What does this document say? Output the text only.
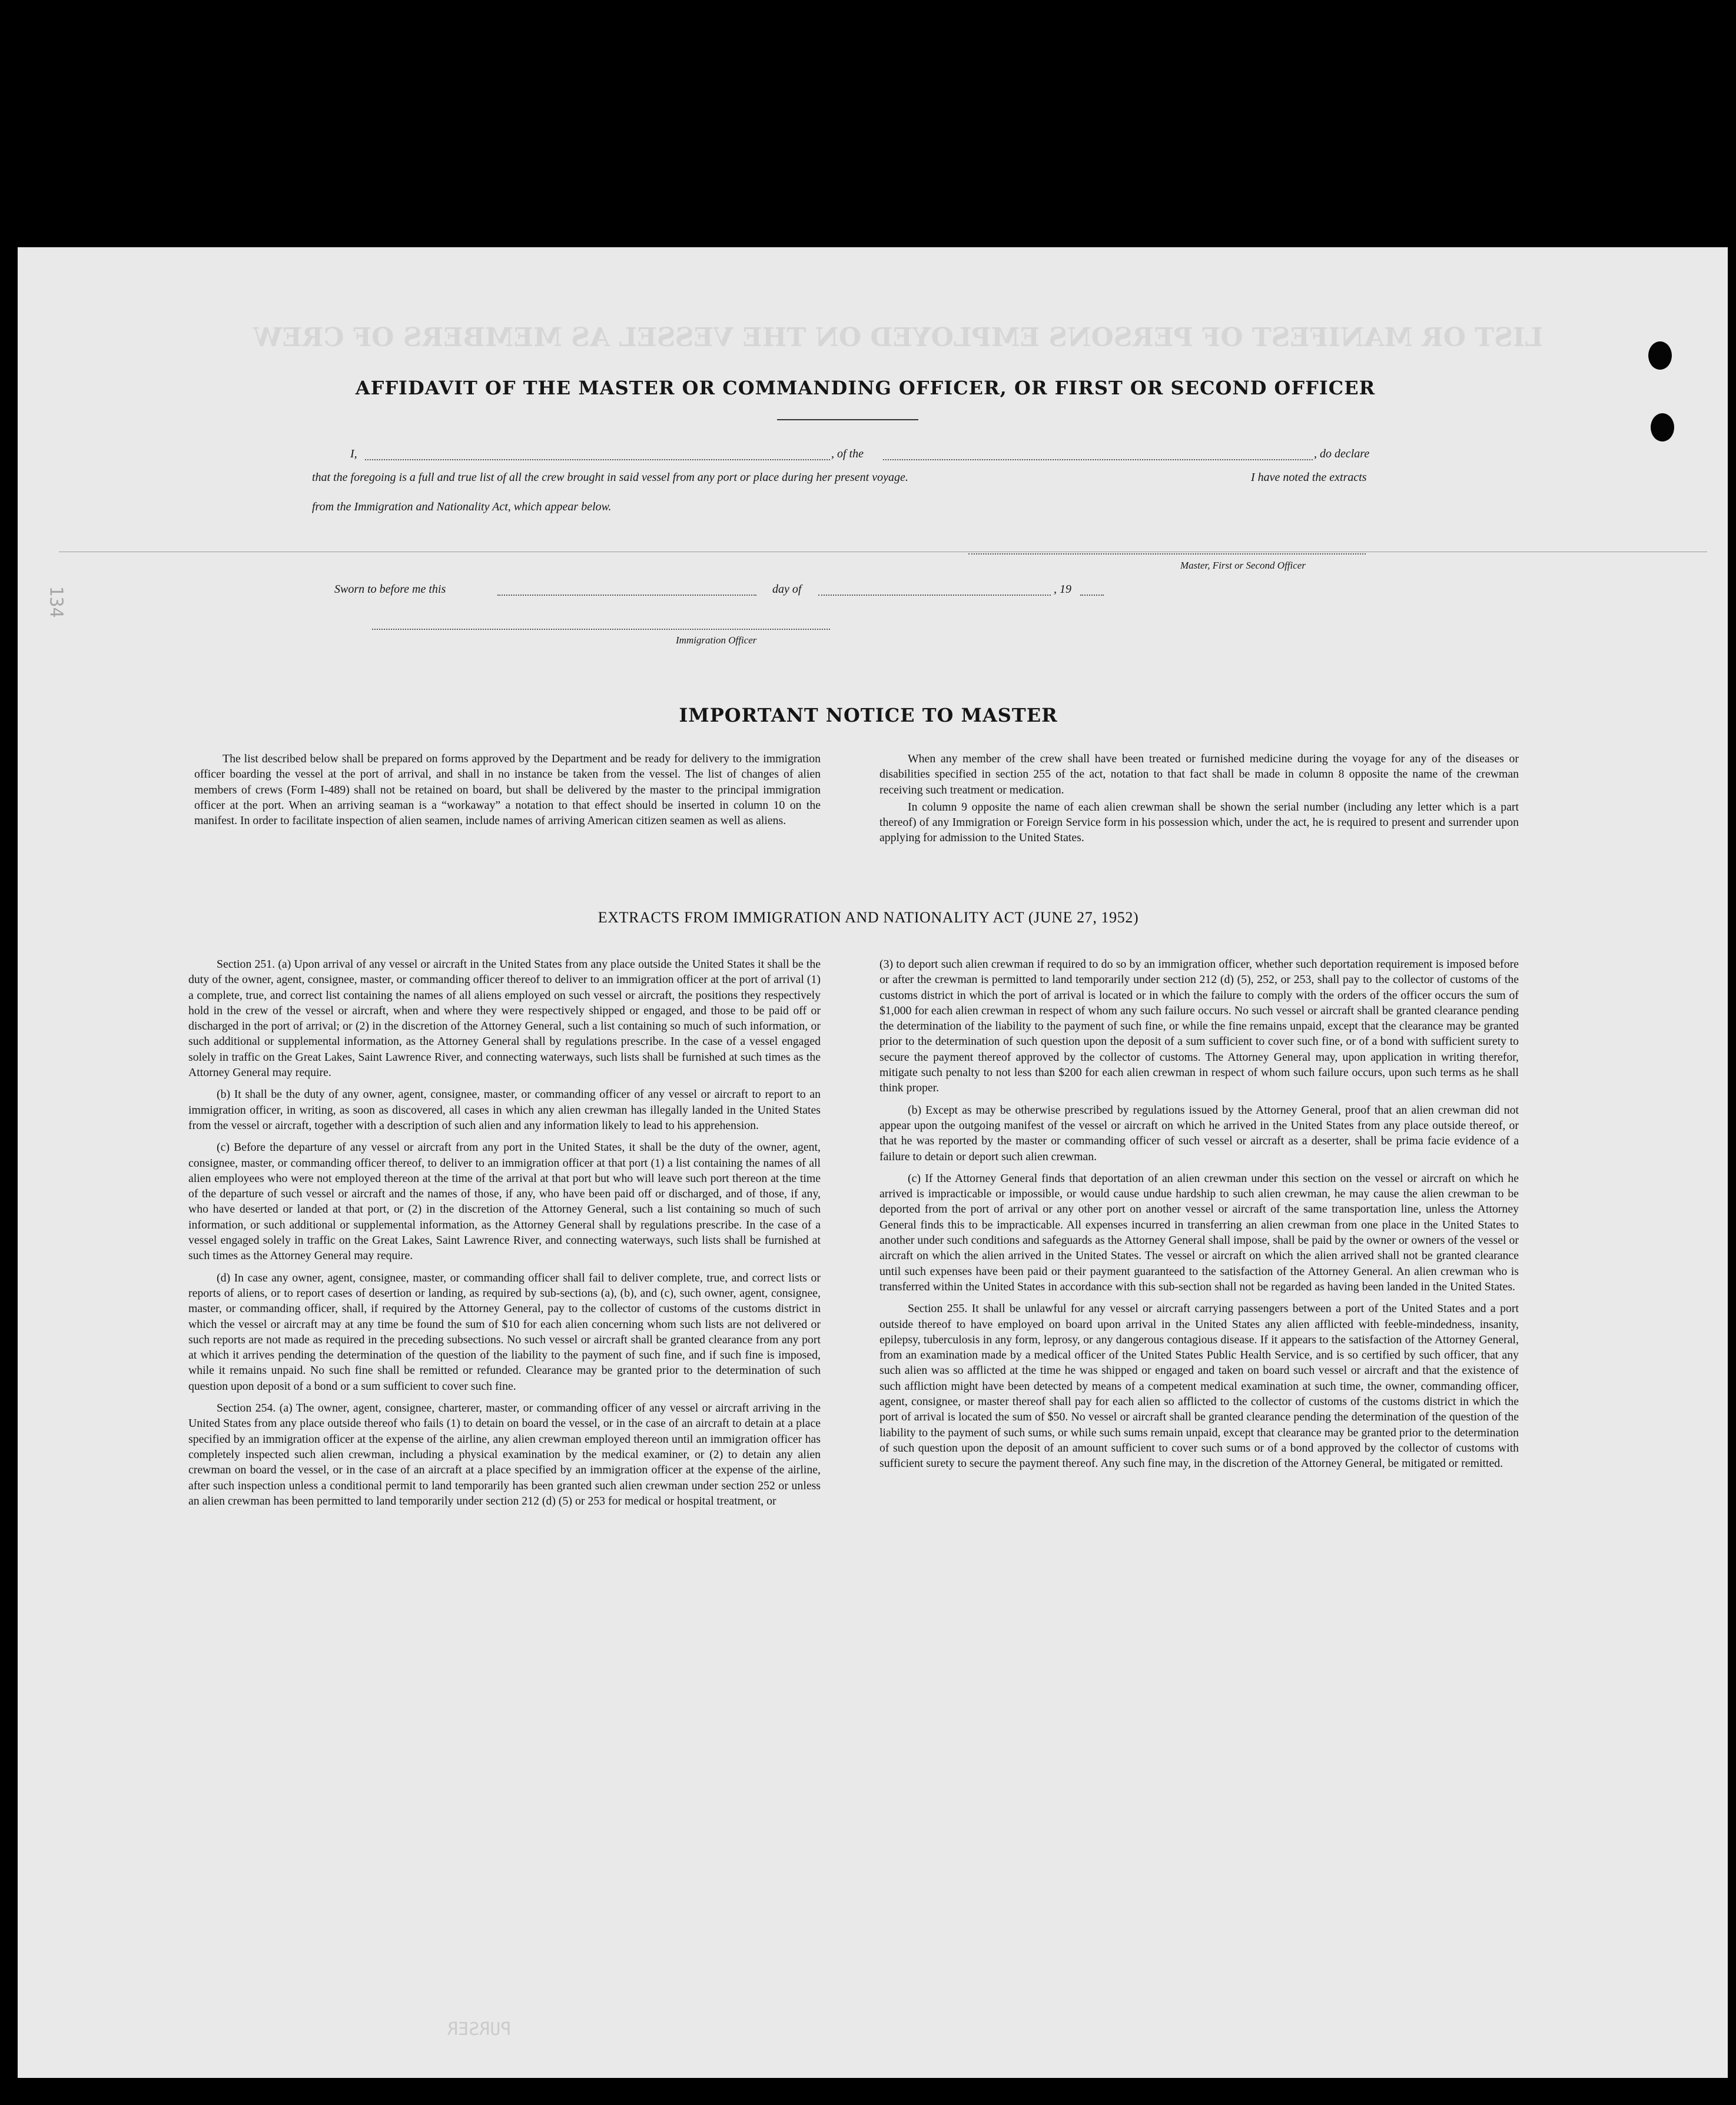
LIST OR MANIFEST OF PERSONS EMPLOYED ON THE VESSEL AS MEMBERS OF CREW
PURSER
134
AFFIDAVIT OF THE MASTER OR COMMANDING OFFICER, OR FIRST OR SECOND OFFICER
I,	, of the	, do declare
that the foregoing is a full and true list of all the crew brought in said vessel from any port or place during her present voyage.	I have noted the extracts
from the Immigration and Nationality Act, which appear below.
Master, First or Second Officer
Sworn to before me this	day of	, 19
Immigration Officer
IMPORTANT NOTICE TO MASTER

The list described below shall be prepared on forms approved by the Department and be ready for delivery to the immigration officer boarding the vessel at the port of arrival, and shall in no instance be taken from the vessel. The list of changes of alien members of crews (Form I-489) shall not be retained on board, but shall be delivered by the master to the principal immigration officer at the port. When an arriving seaman is a “workaway” a notation to that effect should be inserted in column 10 on the manifest. In order to facilitate inspection of alien seamen, include names of arriving American citizen seamen as well as aliens.

When any member of the crew shall have been treated or furnished medicine during the voyage for any of the diseases or disabilities specified in section 255 of the act, notation to that fact shall be made in column 8 opposite the name of the crewman receiving such treatment or medication.

In column 9 opposite the name of each alien crewman shall be shown the serial number (including any letter which is a part thereof) of any Immigration or Foreign Service form in his possession which, under the act, he is required to present and surrender upon applying for admission to the United States.

EXTRACTS FROM IMMIGRATION AND NATIONALITY ACT (JUNE 27, 1952)

Section 251. (a) Upon arrival of any vessel or aircraft in the United States from any place outside the United States it shall be the duty of the owner, agent, consignee, master, or commanding officer thereof to deliver to an immigration officer at the port of arrival (1) a complete, true, and correct list containing the names of all aliens employed on such vessel or aircraft, the positions they respectively hold in the crew of the vessel or aircraft, when and where they were respectively shipped or engaged, and those to be paid off or discharged in the port of arrival; or (2) in the discretion of the Attorney General, such a list containing so much of such information, or such additional or supplemental information, as the Attorney General shall by regulations prescribe. In the case of a vessel engaged solely in traffic on the Great Lakes, Saint Lawrence River, and connecting waterways, such lists shall be furnished at such times as the Attorney General may require.

(b) It shall be the duty of any owner, agent, consignee, master, or commanding officer of any vessel or aircraft to report to an immigration officer, in writing, as soon as discovered, all cases in which any alien crewman has illegally landed in the United States from the vessel or aircraft, together with a description of such alien and any information likely to lead to his apprehension.

(c) Before the departure of any vessel or aircraft from any port in the United States, it shall be the duty of the owner, agent, consignee, master, or commanding officer thereof, to deliver to an immigration officer at that port (1) a list containing the names of all alien employees who were not employed thereon at the time of the arrival at that port but who will leave such port thereon at the time of the departure of such vessel or aircraft and the names of those, if any, who have been paid off or discharged, and of those, if any, who have deserted or landed at that port, or (2) in the discretion of the Attorney General, such a list containing so much of such information, or such additional or supplemental information, as the Attorney General shall by regulations prescribe. In the case of a vessel engaged solely in traffic on the Great Lakes, Saint Lawrence River, and connecting waterways, such lists shall be furnished at such times as the Attorney General may require.

(d) In case any owner, agent, consignee, master, or commanding officer shall fail to deliver complete, true, and correct lists or reports of aliens, or to report cases of desertion or landing, as required by sub-sections (a), (b), and (c), such owner, agent, consignee, master, or commanding officer, shall, if required by the Attorney General, pay to the collector of customs of the customs district in which the vessel or aircraft may at any time be found the sum of $10 for each alien concerning whom such lists are not delivered or such reports are not made as required in the preceding subsections. No such vessel or aircraft shall be granted clearance from any port at which it arrives pending the determination of the question of the liability to the payment of such fine, and if such fine is imposed, while it remains unpaid. No such fine shall be remitted or refunded. Clearance may be granted prior to the determination of such question upon deposit of a bond or a sum sufficient to cover such fine.

Section 254. (a) The owner, agent, consignee, charterer, master, or commanding officer of any vessel or aircraft arriving in the United States from any place outside thereof who fails (1) to detain on board the vessel, or in the case of an aircraft to detain at a place specified by an immigration officer at the expense of the airline, any alien crewman employed thereon until an immigration officer has completely inspected such alien crewman, including a physical examination by the medical examiner, or (2) to detain any alien crewman on board the vessel, or in the case of an aircraft at a place specified by an immigration officer at the expense of the airline, after such inspection unless a conditional permit to land temporarily has been granted such alien crewman under section 252 or unless an alien crewman has been permitted to land temporarily under section 212 (d) (5) or 253 for medical or hospital treatment, or

(3) to deport such alien crewman if required to do so by an immigration officer, whether such deportation requirement is imposed before or after the crewman is permitted to land temporarily under section 212 (d) (5), 252, or 253, shall pay to the collector of customs of the customs district in which the port of arrival is located or in which the failure to comply with the orders of the officer occurs the sum of $1,000 for each alien crewman in respect of whom any such failure occurs. No such vessel or aircraft shall be granted clearance pending the determination of the liability to the payment of such fine, or while the fine remains unpaid, except that the clearance may be granted prior to the determination of such question upon the deposit of a sum sufficient to cover such fine, or of a bond with sufficient surety to secure the payment thereof approved by the collector of customs. The Attorney General may, upon application in writing therefor, mitigate such penalty to not less than $200 for each alien crewman in respect of whom such failure occurs, upon such terms as he shall think proper.

(b) Except as may be otherwise prescribed by regulations issued by the Attorney General, proof that an alien crewman did not appear upon the outgoing manifest of the vessel or aircraft on which he arrived in the United States from any place outside thereof, or that he was reported by the master or commanding officer of such vessel or aircraft as a deserter, shall be prima facie evidence of a failure to detain or deport such alien crewman.

(c) If the Attorney General finds that deportation of an alien crewman under this section on the vessel or aircraft on which he arrived is impracticable or impossible, or would cause undue hardship to such alien crewman, he may cause the alien crewman to be deported from the port of arrival or any other port on another vessel or aircraft of the same transportation line, unless the Attorney General finds this to be impracticable. All expenses incurred in transferring an alien crewman from one place in the United States to another under such conditions and safeguards as the Attorney General shall impose, shall be paid by the owner or owners of the vessel or aircraft on which the alien arrived in the United States. The vessel or aircraft on which the alien arrived shall not be granted clearance until such expenses have been paid or their payment guaranteed to the satisfaction of the Attorney General. An alien crewman who is transferred within the United States in accordance with this sub-section shall not be regarded as having been landed in the United States.

Section 255. It shall be unlawful for any vessel or aircraft carrying passengers between a port of the United States and a port outside thereof to have employed on board upon arrival in the United States any alien afflicted with feeble-mindedness, insanity, epilepsy, tuberculosis in any form, leprosy, or any dangerous contagious disease. If it appears to the satisfaction of the Attorney General, from an examination made by a medical officer of the United States Public Health Service, and is so certified by such officer, that any such alien was so afflicted at the time he was shipped or engaged and taken on board such vessel or aircraft and that the existence of such affliction might have been detected by means of a competent medical examination at such time, the owner, commanding officer, agent, consignee, or master thereof shall pay for each alien so afflicted to the collector of customs of the customs district in which the port of arrival is located the sum of $50. No vessel or aircraft shall be granted clearance pending the determination of the question of the liability to the payment of such sums, or while such sums remain unpaid, except that clearance may be granted prior to the determination of such question upon the deposit of an amount sufficient to cover such sums or of a bond approved by the collector of customs with sufficient surety to secure the payment thereof. Any such fine may, in the discretion of the Attorney General, be mitigated or remitted.
